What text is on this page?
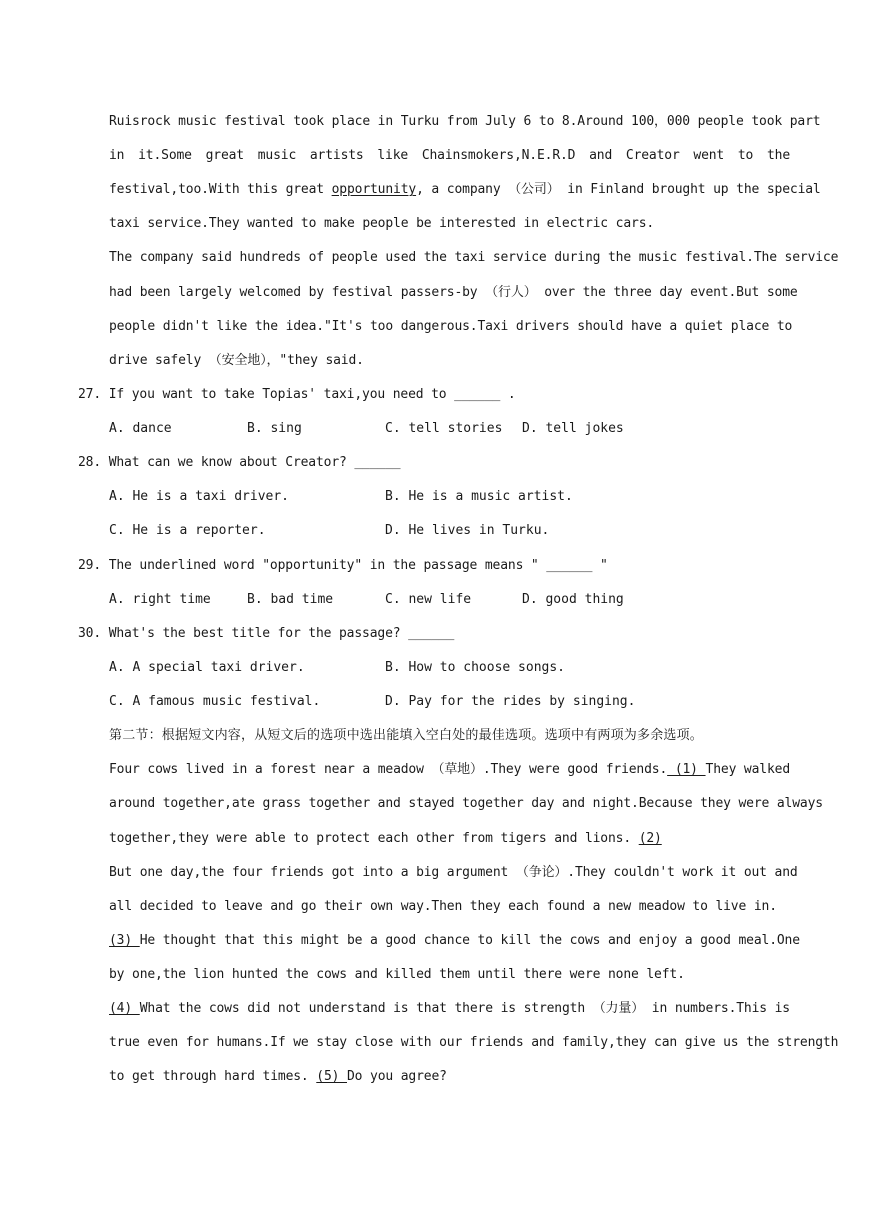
Ruisrock music festival took place in Turku from July 6 to 8.Around 100，000 people took part
in it.Some great music artists like Chainsmokers,N.E.R.D and Creator went to the
festival,too.With this great opportunity, a company （公司） in Finland brought up the special
taxi service.They wanted to make people be interested in electric cars.
The company said hundreds of people used the taxi service during the music festival.The service
had been largely welcomed by festival passers-by （行人） over the three day event.But some
people didn't like the idea."It's too dangerous.Taxi drivers should have a quiet place to
drive safely （安全地），"they said.
27. If you want to take Topias' taxi,you need to ______ .
A. dance	B. sing	C. tell stories D. tell jokes
28. What can we know about Creator? ______
A. He is a taxi driver.	B. He is a music artist.
C. He is a reporter.	D. He lives in Turku.
29. The underlined word "opportunity" in the passage means " ______ "
A. right time	B. bad time	C. new life	D. good thing
30. What's the best title for the passage? ______
A. A special taxi driver.	B. How to choose songs.
C. A famous music festival.	D. Pay for the rides by singing.
第二节：根据短文内容，从短文后的选项中选出能填入空白处的最佳选项。选项中有两项为多余选项。
Four cows lived in a forest near a meadow （草地）.They were good friends. (1) They walked
around together,ate grass together and stayed together day and night.Because they were always
together,they were able to protect each other from tigers and lions. (2)
But one day,the four friends got into a big argument （争论）.They couldn't work it out and
all decided to leave and go their own way.Then they each found a new meadow to live in.
(3) He thought that this might be a good chance to kill the cows and enjoy a good meal.One
by one,the lion hunted the cows and killed them until there were none left.
(4) What the cows did not understand is that there is strength （力量） in numbers.This is
true even for humans.If we stay close with our friends and family,they can give us the strength
to get through hard times. (5) Do you agree?
